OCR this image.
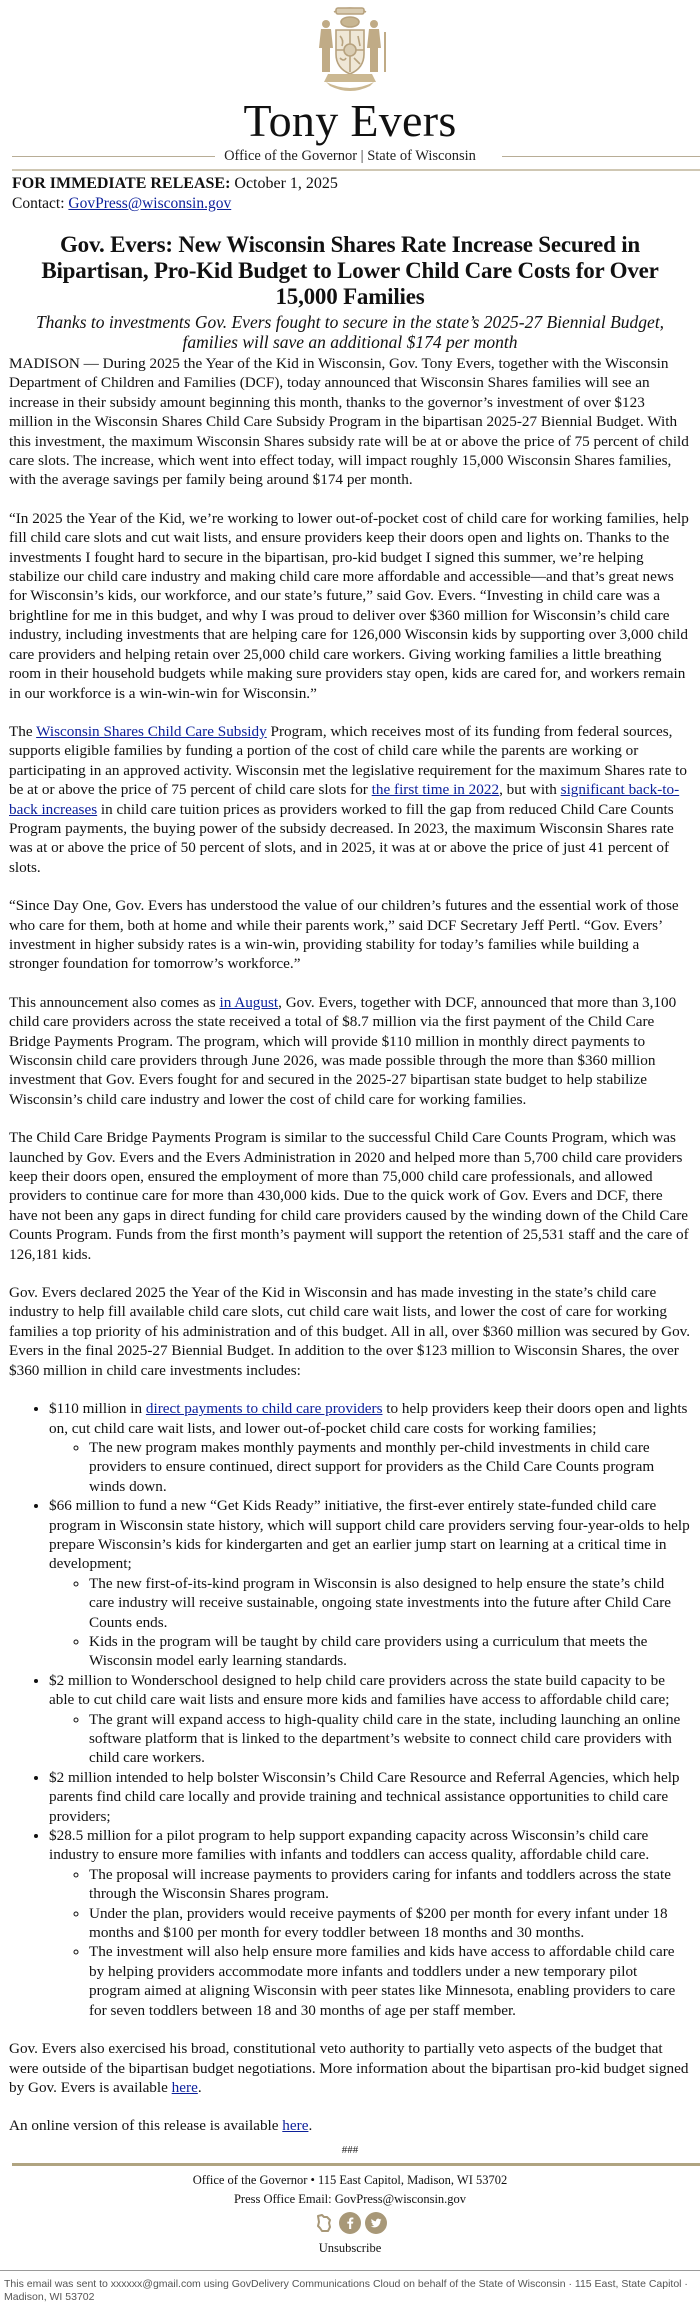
Tony Evers
Office of the Governor | State of Wisconsin
FOR IMMEDIATE RELEASE: October 1, 2025
Contact: GovPress@wisconsin.gov
Gov. Evers: New Wisconsin Shares Rate Increase Secured in Bipartisan, Pro-Kid Budget to Lower Child Care Costs for Over 15,000 Families
Thanks to investments Gov. Evers fought to secure in the state’s 2025-27 Biennial Budget, families will save an additional $174 per month

MADISON — During 2025 the Year of the Kid in Wisconsin, Gov. Tony Evers, together with the Wisconsin Department of Children and Families (DCF), today announced that Wisconsin Shares families will see an increase in their subsidy amount beginning this month, thanks to the governor’s investment of over $123 million in the Wisconsin Shares Child Care Subsidy Program in the bipartisan 2025-27 Biennial Budget. With this investment, the maximum Wisconsin Shares subsidy rate will be at or above the price of 75 percent of child care slots. The increase, which went into effect today, will impact roughly 15,000 Wisconsin Shares families, with the average savings per family being around $174 per month.

“In 2025 the Year of the Kid, we’re working to lower out-of-pocket cost of child care for working families, help fill child care slots and cut wait lists, and ensure providers keep their doors open and lights on. Thanks to the investments I fought hard to secure in the bipartisan, pro-kid budget I signed this summer, we’re helping stabilize our child care industry and making child care more affordable and accessible—and that’s great news for Wisconsin’s kids, our workforce, and our state’s future,” said Gov. Evers. “Investing in child care was a brightline for me in this budget, and why I was proud to deliver over $360 million for Wisconsin’s child care industry, including investments that are helping care for 126,000 Wisconsin kids by supporting over 3,000 child care providers and helping retain over 25,000 child care workers. Giving working families a little breathing room in their household budgets while making sure providers stay open, kids are cared for, and workers remain in our workforce is a win-win-win for Wisconsin.”

The Wisconsin Shares Child Care Subsidy Program, which receives most of its funding from federal sources, supports eligible families by funding a portion of the cost of child care while the parents are working or participating in an approved activity. Wisconsin met the legislative requirement for the maximum Shares rate to be at or above the price of 75 percent of child care slots for the first time in 2022, but with significant back-to-back increases in child care tuition prices as providers worked to fill the gap from reduced Child Care Counts Program payments, the buying power of the subsidy decreased. In 2023, the maximum Wisconsin Shares rate was at or above the price of 50 percent of slots, and in 2025, it was at or above the price of just 41 percent of slots.

“Since Day One, Gov. Evers has understood the value of our children’s futures and the essential work of those who care for them, both at home and while their parents work,” said DCF Secretary Jeff Pertl. “Gov. Evers’ investment in higher subsidy rates is a win-win, providing stability for today’s families while building a stronger foundation for tomorrow’s workforce.”

This announcement also comes as in August, Gov. Evers, together with DCF, announced that more than 3,100 child care providers across the state received a total of $8.7 million via the first payment of the Child Care Bridge Payments Program. The program, which will provide $110 million in monthly direct payments to Wisconsin child care providers through June 2026, was made possible through the more than $360 million investment that Gov. Evers fought for and secured in the 2025-27 bipartisan state budget to help stabilize Wisconsin’s child care industry and lower the cost of child care for working families.

The Child Care Bridge Payments Program is similar to the successful Child Care Counts Program, which was launched by Gov. Evers and the Evers Administration in 2020 and helped more than 5,700 child care providers keep their doors open, ensured the employment of more than 75,000 child care professionals, and allowed providers to continue care for more than 430,000 kids. Due to the quick work of Gov. Evers and DCF, there have not been any gaps in direct funding for child care providers caused by the winding down of the Child Care Counts Program. Funds from the first month’s payment will support the retention of 25,531 staff and the care of 126,181 kids.

Gov. Evers declared 2025 the Year of the Kid in Wisconsin and has made investing in the state’s child care industry to help fill available child care slots, cut child care wait lists, and lower the cost of care for working families a top priority of his administration and of this budget. All in all, over $360 million was secured by Gov. Evers in the final 2025-27 Biennial Budget. In addition to the over $123 million to Wisconsin Shares, the over $360 million in child care investments includes:

• $110 million in direct payments to child care providers to help providers keep their doors open and lights on, cut child care wait lists, and lower out-of-pocket child care costs for working families;
◦ The new program makes monthly payments and monthly per-child investments in child care providers to ensure continued, direct support for providers as the Child Care Counts program winds down.
• $66 million to fund a new “Get Kids Ready” initiative, the first-ever entirely state-funded child care program in Wisconsin state history, which will support child care providers serving four-year-olds to help prepare Wisconsin’s kids for kindergarten and get an earlier jump start on learning at a critical time in development;
◦ The new first-of-its-kind program in Wisconsin is also designed to help ensure the state’s child care industry will receive sustainable, ongoing state investments into the future after Child Care Counts ends.
◦ Kids in the program will be taught by child care providers using a curriculum that meets the Wisconsin model early learning standards.
• $2 million to Wonderschool designed to help child care providers across the state build capacity to be able to cut child care wait lists and ensure more kids and families have access to affordable child care;
◦ The grant will expand access to high-quality child care in the state, including launching an online software platform that is linked to the department’s website to connect child care providers with child care workers.
• $2 million intended to help bolster Wisconsin’s Child Care Resource and Referral Agencies, which help parents find child care locally and provide training and technical assistance opportunities to child care providers;
• $28.5 million for a pilot program to help support expanding capacity across Wisconsin’s child care industry to ensure more families with infants and toddlers can access quality, affordable child care.
◦ The proposal will increase payments to providers caring for infants and toddlers across the state through the Wisconsin Shares program.
◦ Under the plan, providers would receive payments of $200 per month for every infant under 18 months and $100 per month for every toddler between 18 months and 30 months.
◦ The investment will also help ensure more families and kids have access to affordable child care by helping providers accommodate more infants and toddlers under a new temporary pilot program aimed at aligning Wisconsin with peer states like Minnesota, enabling providers to care for seven toddlers between 18 and 30 months of age per staff member.

Gov. Evers also exercised his broad, constitutional veto authority to partially veto aspects of the budget that were outside of the bipartisan budget negotiations. More information about the bipartisan pro-kid budget signed by Gov. Evers is available here.

An online version of this release is available here.

###
Office of the Governor • 115 East Capitol, Madison, WI 53702
Press Office Email: GovPress@wisconsin.gov
Unsubscribe
This email was sent to xxxxxx@gmail.com using GovDelivery Communications Cloud on behalf of the State of Wisconsin · 115 East, State Capitol · Madison, WI 53702
